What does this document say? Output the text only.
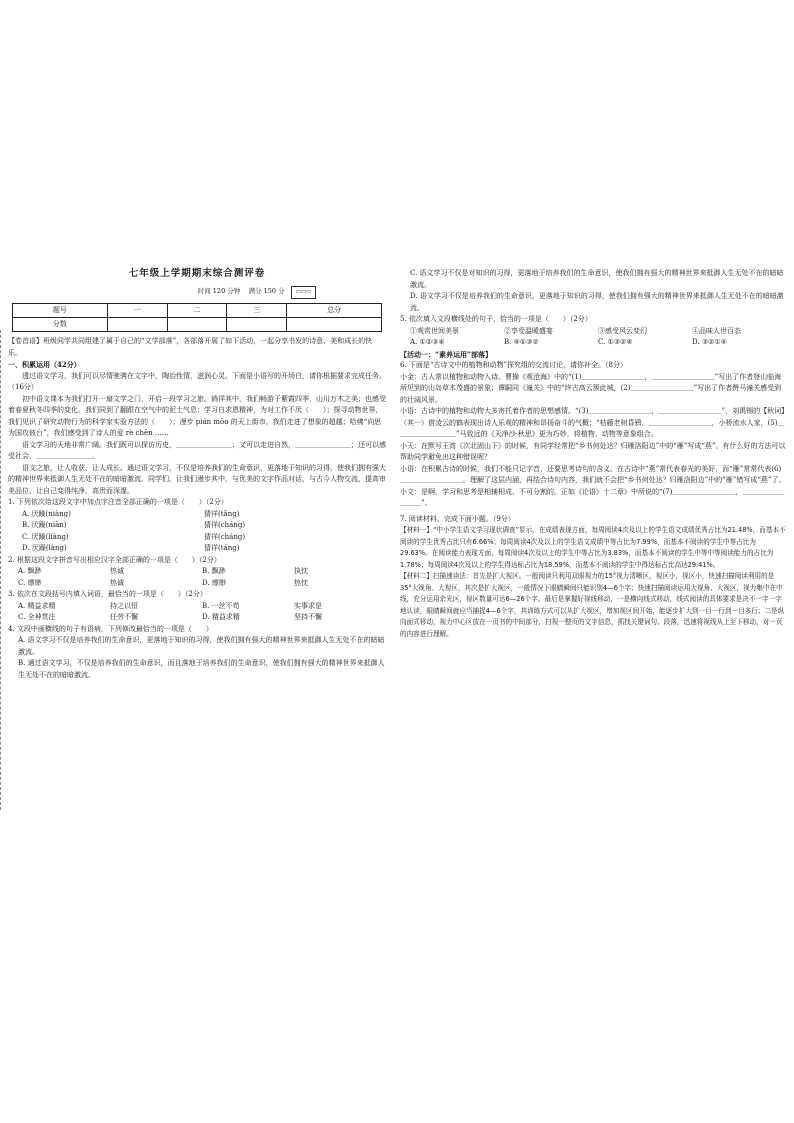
七年级上学期期末综合测评卷

时间 120 分钟 满分 150 分 ▭▭▭

题号	一	二	三	总分
分数				

【卷首语】班级同学共同组建了属于自己的“文学部落”，各部落开展了如下活动，一起分享书发的诗意、美和成长的快乐。

一、积累运用（42分）

透过语文学习，我们可以尽情驰骋在文字中，陶冶性情，滋润心灵。下面是小语写的开场白，请你根据要求完成任务。（16分）

初中语文课本为我们打开一扇文学之门，开启一段学习之旅。徜徉其中，我们畅游于紫霞四季，山川万木之美；也感受着春夏秋冬四季的变化，我们同到了翻跟在空气中的泥土气息；学习白求恩精神，为对工作不厌（　　）；探寻动物世界，我们见识了研究动物行为的科学家实验方法的（　　）；漫步 pián mōo 的天上街市，我们走进了想象的超越；哈佛“向思为国攻彼台”，我们感受到了诗人的爱 rè chēn ……

语文学习的天地非常广阔。我们既可以探访历史，＿＿＿＿＿＿＿＿；又可以走进自然，＿＿＿＿＿＿＿＿；还可以感受社会，＿＿＿＿＿＿＿＿。

语文之旅，让人收获、让人成长。通过语文学习，不仅是培养我们的生命意识，更落地于知识的习得，使我们拥有强大的精神世界来抵御人生无处不在的暗暗激流。同学们，让我们漫步其中，与优美的文字作品对话，与古今人物交流，提高审美品位，让自己变得纯净、高贵而深邃。

1. 下列依次给这段文字中加点字注音全部正确的一项是（　　）（2分）

A. 厌躁(niàng)	猜徉(tǎng)
B. 厌躁(niàn)	猜徉(cháng)
C. 厌躁(liàng)	猜徉(cháng)
D. 厌躁(làng)	猜徉(táng)

2. 根据这段文字拼音写出相应汉字全部正确的一项是（　　）（2分）

A. 飘渺	热诚	B. 飘渺	执忱
C. 缥缈	热诚	D. 缥缈	热忱

3. 依次在文段括号内填入词语，最恰当的一项是（　　）（2分）

A. 精益求精	持之以恒	B. 一丝不苟	实事求是
C. 全神贯注	任劳不懈	D. 精益求精	坚持不懈

4. 文段中画横线的句子有语病，下列修改最恰当的一项是（　　）

A. 语文学习不仅是培养我们的生命意识，更落地于知识的习得，使我们拥有强大的精神世界来抵御人生无处不在的暗暗激流。

B. 通过语文学习，不仅是培养我们的生命意识，而且落地于培养我们的生命意识，使我们拥有强大的精神世界来抵御人生无处不在的暗暗激流。

C. 语文学习不仅是对知识的习得，更落地于培养我们的生命意识，使我们拥有强大的精神世界来抵御人生无处不在的暗暗激流。

D. 语文学习不仅是培养我们的生命意识，更落地于知识的习得，使我们拥有强大的精神世界来抵御人生无处不在的暗暗激流。

5. 依次填入文段横线处的句子，恰当的一项是（　　）（2分）

①观赏世间美景	②享受温暖盛宴	③感受风云变幻	④品味人世百态
A. ①②③④	B. ④①③②	C. ①③②④	D. ③②①④

【活动一：“素养运用”部落】

6. 下面是“古诗文中的植物和动物”探究组的交流讨论，请你补全。（8分）

小金：古人常以植物和动物入诗。曹操《观沧海》中的“(1)＿＿＿＿＿＿＿＿＿，＿＿＿＿＿＿＿＿＿”写出了作者登山临海所见到的山岛草木茂盛的景象；谭嗣同《潼关》中的“终古高云簇此城，(2)＿＿＿＿＿＿＿＿＿”写出了作者赞马潼关感受到的壮阔风景。

小语：古诗中的植物和动物大多寄托着作者的思想感情。“(3)＿＿＿＿＿＿＿＿＿，＿＿＿＿＿＿＿＿＿”，刘禹锡的【秋词】（其一）借凌云的鹤表现出诗人乐观的精神和昂扬奋斗的气概；“枯藤老树昏鸦，＿＿＿＿＿＿＿＿＿，小桥流水人家，(5)＿＿＿＿＿＿＿＿＿”马致远的《天净沙·秋思》更为巧妙，将植物、动物等意象组合。

小天：在默写王湾《次北固山下》的时候，有同学经常把“乡书何处达？归雁洛阳边”中的“雁”写成“燕”。有什么好的方法可以帮助同学避免出这种错误呢？

小语：在积累古诗的时候，我们不能只记字音，还要思考诗句的含义。在古诗中“燕”常代表春光的美好，而“雁”常常代表(6)＿＿＿＿＿＿＿＿＿。理解了这层内涵，再结合诗句内容，我们就不会把“乡书何处达？归雁洛阳边”中的“雁”错写成“燕”了。

小文：是啊，学习和思考是相辅相成、不可分割的。正如《论语》十二章》中所说的“(7)＿＿＿＿＿＿＿＿＿，＿＿＿＿＿＿＿＿＿”。

7. 阅读材料，完成下面小题。（9分）

【材料一】“中小学生语文学习现状调查”显示，在成绩表现方面，每周阅读4次及以上的学生语文成绩优秀占比为21.48%，而基本不阅读的学生优秀占比只有6.66%；每周阅读4次及以上的学生语文成绩中等占比为7.99%，而基本不阅读的学生中等占比为29.63%。在阅读能力表现方面，每周阅读4次及以上的学生中等占比为3.83%，而基本不阅读的学生中等中等阅读能力的占比为1.78%；每周阅读4次及以上的学生得达标占比为18.59%，而基本不阅读的学生中得达标占比高达29.41%。

【材料二】扫描速读法：首先是扩大视区。一般阅读只利用双眼视力的15°视力清晰区，视区小，视区小，快速扫描阅读利用的是35°大视角、大视区，其次是扩大视区，一般情况下眼睛瞬间只能识别4—6个字；快速扫描阅读运用大视角、大视区，视力集中在中线，充分运用余光区，视区数量可达6—26个字。最后是掌握好视线移动，一是横向线式移动，线式阅读的具体要求是决不一字一字地认读，眼睛瞬间就应当捕捉4—6个字，其训练方式可以从扩大视区，增加视区间开始，能逐步扩大到一目一行到一目多行；二是纵向面式移动，视力中心区放在一页书的中间部分，扫视一整页的文字信息，抓找关键词句、段落，迅速将视线从上至下移动，对一页的内容进行理解。
